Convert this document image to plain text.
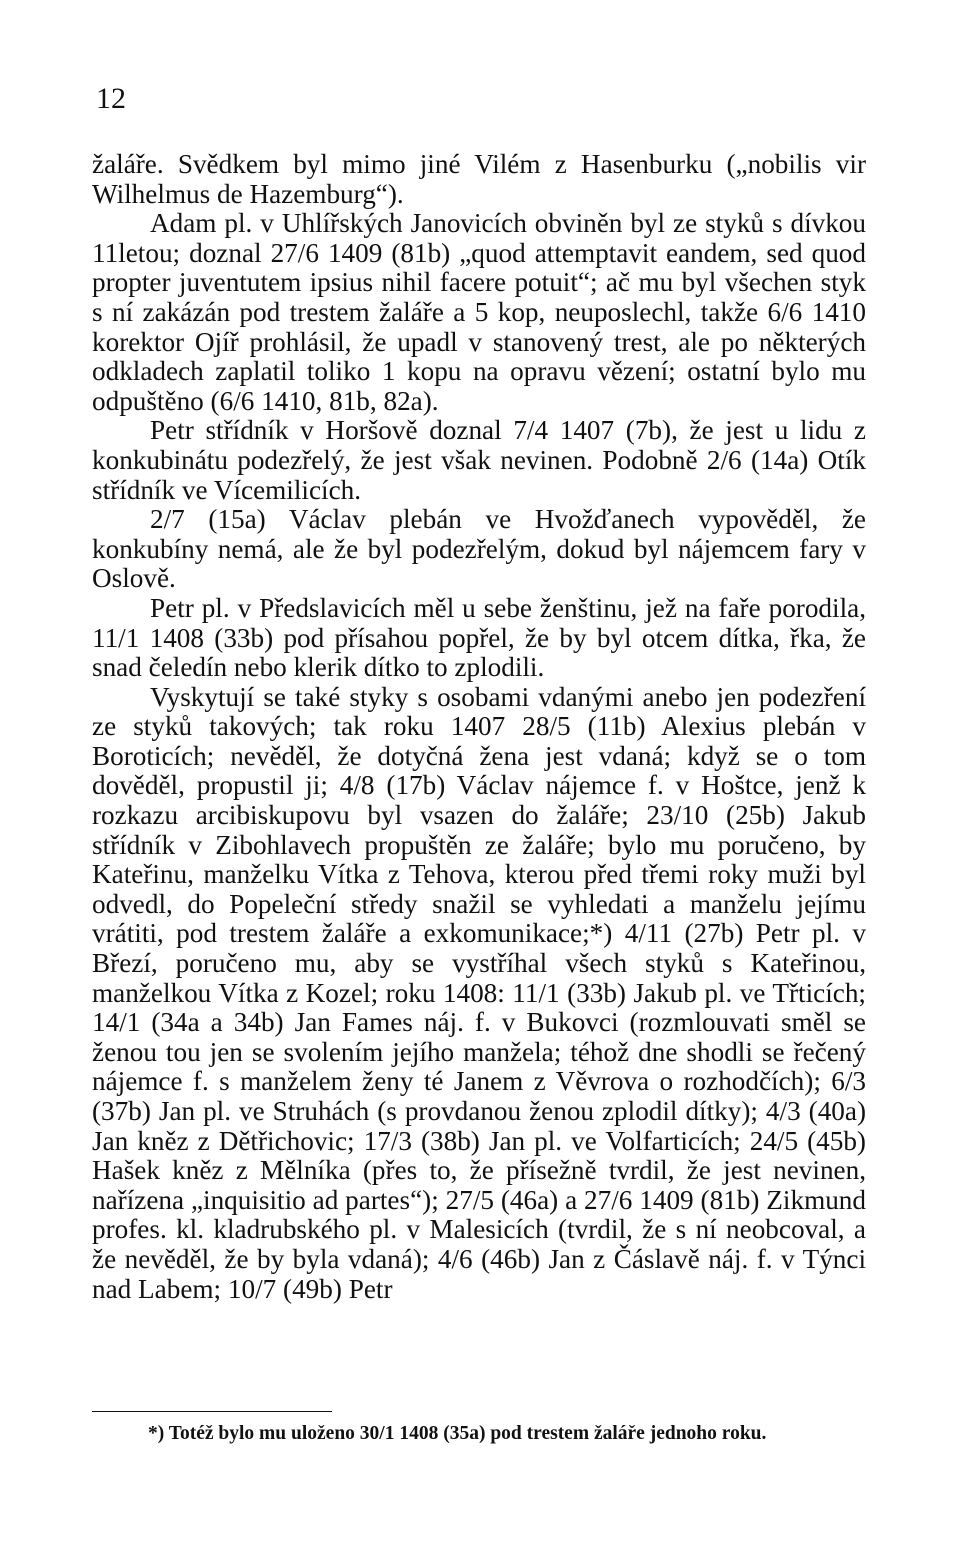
12

žaláře. Svědkem byl mimo jiné Vilém z Hasenburku („nobilis vir Wilhelmus de Hazemburg“).

Adam pl. v Uhlířských Janovicích obviněn byl ze styků s dívkou 11letou; doznal 27/6 1409 (81b) „quod attemptavit eandem, sed quod propter juventutem ipsius nihil facere potuit“; ač mu byl všechen styk s ní zakázán pod trestem žaláře a 5 kop, neuposlechl, takže 6/6 1410 korektor Ojíř prohlásil, že upadl v stanovený trest, ale po některých odkladech zaplatil toliko 1 kopu na opravu vězení; ostatní bylo mu odpuštěno (6/6 1410, 81b, 82a).

Petr střídník v Horšově doznal 7/4 1407 (7b), že jest u lidu z konkubinátu podezřelý, že jest však nevinen. Podobně 2/6 (14a) Otík střídník ve Vícemilicích.

2/7 (15a) Václav plebán ve Hvožďanech vypověděl, že konkubíny nemá, ale že byl podezřelým, dokud byl nájemcem fary v Oslově.

Petr pl. v Předslavicích měl u sebe ženštinu, jež na faře porodila, 11/1 1408 (33b) pod přísahou popřel, že by byl otcem dítka, řka, že snad čeledín nebo klerik dítko to zplodili.

Vyskytují se také styky s osobami vdanými anebo jen podezření ze styků takových; tak roku 1407 28/5 (11b) Alexius plebán v Boroticích; nevěděl, že dotyčná žena jest vdaná; když se o tom dověděl, propustil ji; 4/8 (17b) Václav nájemce f. v Hoštce, jenž k rozkazu arcibiskupovu byl vsazen do žaláře; 23/10 (25b) Jakub střídník v Zibohlavech propuštěn ze žaláře; bylo mu poručeno, by Kateřinu, manželku Vítka z Tehova, kterou před třemi roky muži byl odvedl, do Popeleční středy snažil se vyhledati a manželu jejímu vrátiti, pod trestem žaláře a exkomunikace;*) 4/11 (27b) Petr pl. v Březí, poručeno mu, aby se vystříhal všech styků s Kateřinou, manželkou Vítka z Kozel; roku 1408: 11/1 (33b) Jakub pl. ve Třticích; 14/1 (34a a 34b) Jan Fames náj. f. v Bukovci (rozmlouvati směl se ženou tou jen se svolením jejího manžela; téhož dne shodli se řečený nájemce f. s manželem ženy té Janem z Věvrova o rozhodčích); 6/3 (37b) Jan pl. ve Struhách (s provdanou ženou zplodil dítky); 4/3 (40a) Jan kněz z Dětřichovic; 17/3 (38b) Jan pl. ve Volfarticích; 24/5 (45b) Hašek kněz z Mělníka (přes to, že přísežně tvrdil, že jest nevinen, nařízena „inquisitio ad partes“); 27/5 (46a) a 27/6 1409 (81b) Zikmund profes. kl. kladrubského pl. v Malesicích (tvrdil, že s ní neobcoval, a že nevěděl, že by byla vdaná); 4/6 (46b) Jan z Čáslavě náj. f. v Týnci nad Labem; 10/7 (49b) Petr

*) Totéž bylo mu uloženo 30/1 1408 (35a) pod trestem žaláře jednoho roku.
